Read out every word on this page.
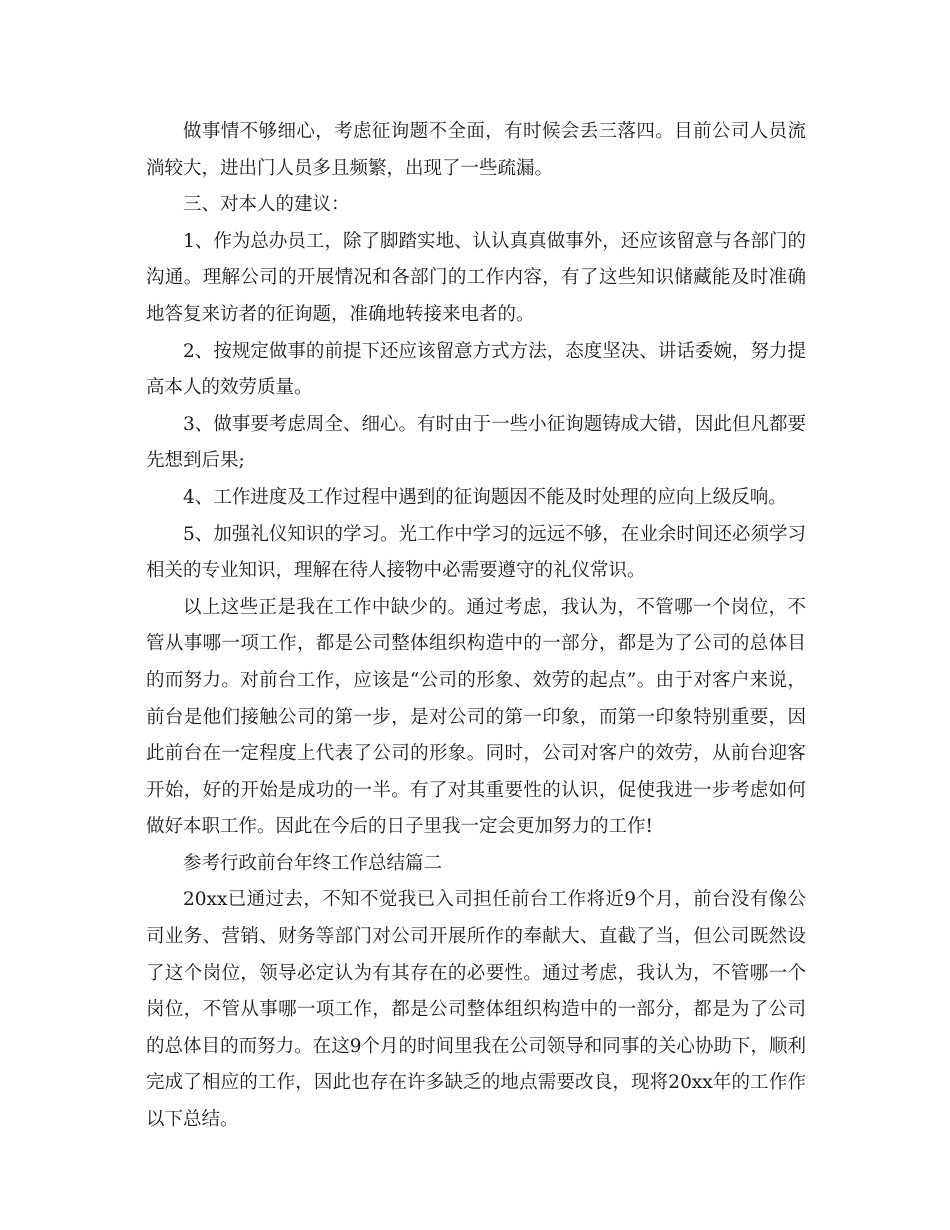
做事情不够细心，考虑征询题不全面，有时候会丢三落四。目前公司人员流淌较大，进出门人员多且频繁，出现了一些疏漏。

三、对本人的建议：

1、作为总办员工，除了脚踏实地、认认真真做事外，还应该留意与各部门的沟通。理解公司的开展情况和各部门的工作内容，有了这些知识储藏能及时准确地答复来访者的征询题，准确地转接来电者的。

2、按规定做事的前提下还应该留意方式方法，态度坚决、讲话委婉，努力提高本人的效劳质量。

3、做事要考虑周全、细心。有时由于一些小征询题铸成大错，因此但凡都要先想到后果;

4、工作进度及工作过程中遇到的征询题因不能及时处理的应向上级反响。

5、加强礼仪知识的学习。光工作中学习的远远不够，在业余时间还必须学习相关的专业知识，理解在待人接物中必需要遵守的礼仪常识。

以上这些正是我在工作中缺少的。通过考虑，我认为，不管哪一个岗位，不管从事哪一项工作，都是公司整体组织构造中的一部分，都是为了公司的总体目的而努力。对前台工作，应该是“公司的形象、效劳的起点”。由于对客户来说，前台是他们接触公司的第一步，是对公司的第一印象，而第一印象特别重要，因此前台在一定程度上代表了公司的形象。同时，公司对客户的效劳，从前台迎客开始，好的开始是成功的一半。有了对其重要性的认识，促使我进一步考虑如何做好本职工作。因此在今后的日子里我一定会更加努力的工作!

参考行政前台年终工作总结篇二

20xx已通过去，不知不觉我已入司担任前台工作将近9个月，前台没有像公司业务、营销、财务等部门对公司开展所作的奉献大、直截了当，但公司既然设了这个岗位，领导必定认为有其存在的必要性。通过考虑，我认为，不管哪一个岗位，不管从事哪一项工作，都是公司整体组织构造中的一部分，都是为了公司的总体目的而努力。在这9个月的时间里我在公司领导和同事的关心协助下，顺利完成了相应的工作，因此也存在许多缺乏的地点需要改良，现将20xx年的工作作以下总结。
